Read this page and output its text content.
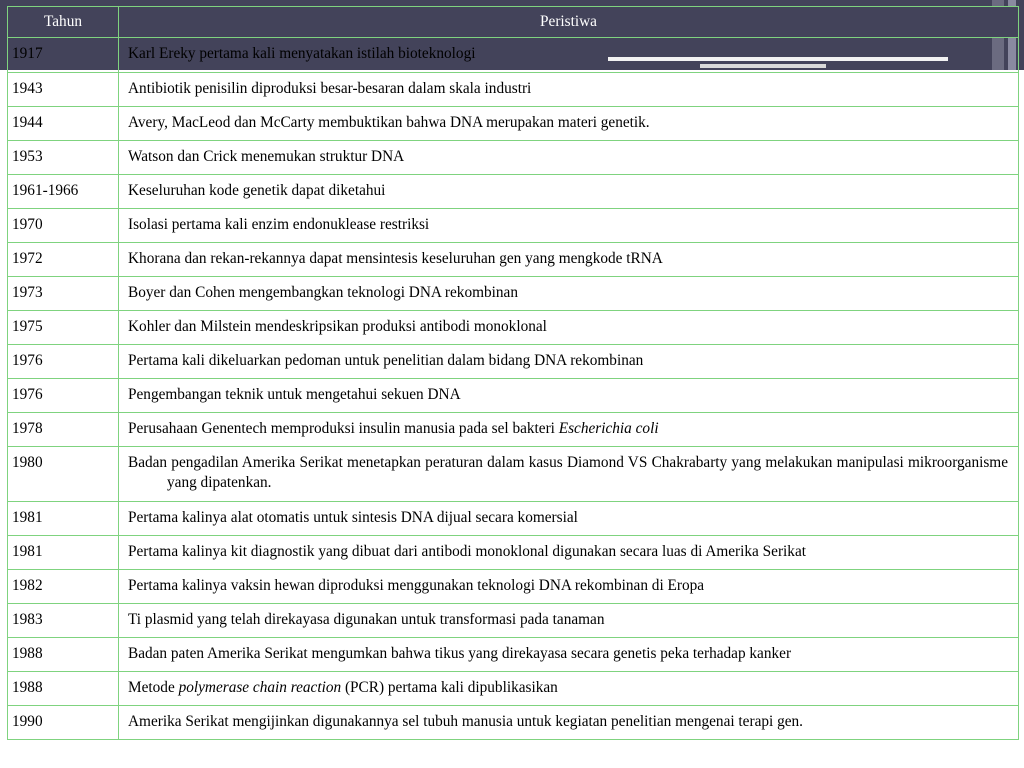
Tahun	Peristiwa

1917	Karl Ereky pertama kali menyatakan istilah bioteknologi

1943	Antibiotik penisilin diproduksi besar-besaran dalam skala industri

1944	Avery, MacLeod dan McCarty membuktikan bahwa DNA merupakan materi genetik.

1953	Watson dan Crick menemukan struktur DNA

1961-1966	Keseluruhan kode genetik dapat diketahui

1970	Isolasi pertama kali enzim endonuklease restriksi

1972	Khorana dan rekan-rekannya dapat mensintesis keseluruhan gen yang mengkode tRNA

1973	Boyer dan Cohen mengembangkan teknologi DNA rekombinan

1975	Kohler dan Milstein mendeskripsikan produksi antibodi monoklonal

1976	Pertama kali dikeluarkan pedoman untuk penelitian dalam bidang DNA rekombinan

1976	Pengembangan teknik untuk mengetahui sekuen DNA

1978	Perusahaan Genentech memproduksi insulin manusia pada sel bakteri Escherichia coli

1980	Badan pengadilan Amerika Serikat menetapkan peraturan dalam kasus Diamond VS Chakrabarty yang melakukan manipulasi mikroorganisme yang dipatenkan.

1981	Pertama kalinya alat otomatis untuk sintesis DNA dijual secara komersial

1981	Pertama kalinya kit diagnostik yang dibuat dari antibodi monoklonal digunakan secara luas di Amerika Serikat

1982	Pertama kalinya vaksin hewan diproduksi menggunakan teknologi DNA rekombinan di Eropa

1983	Ti plasmid yang telah direkayasa digunakan untuk transformasi pada tanaman

1988	Badan paten Amerika Serikat mengumkan bahwa tikus yang direkayasa secara genetis peka terhadap kanker

1988	Metode polymerase chain reaction (PCR) pertama kali dipublikasikan

1990	Amerika Serikat mengijinkan digunakannya sel tubuh manusia untuk kegiatan penelitian mengenai terapi gen.
